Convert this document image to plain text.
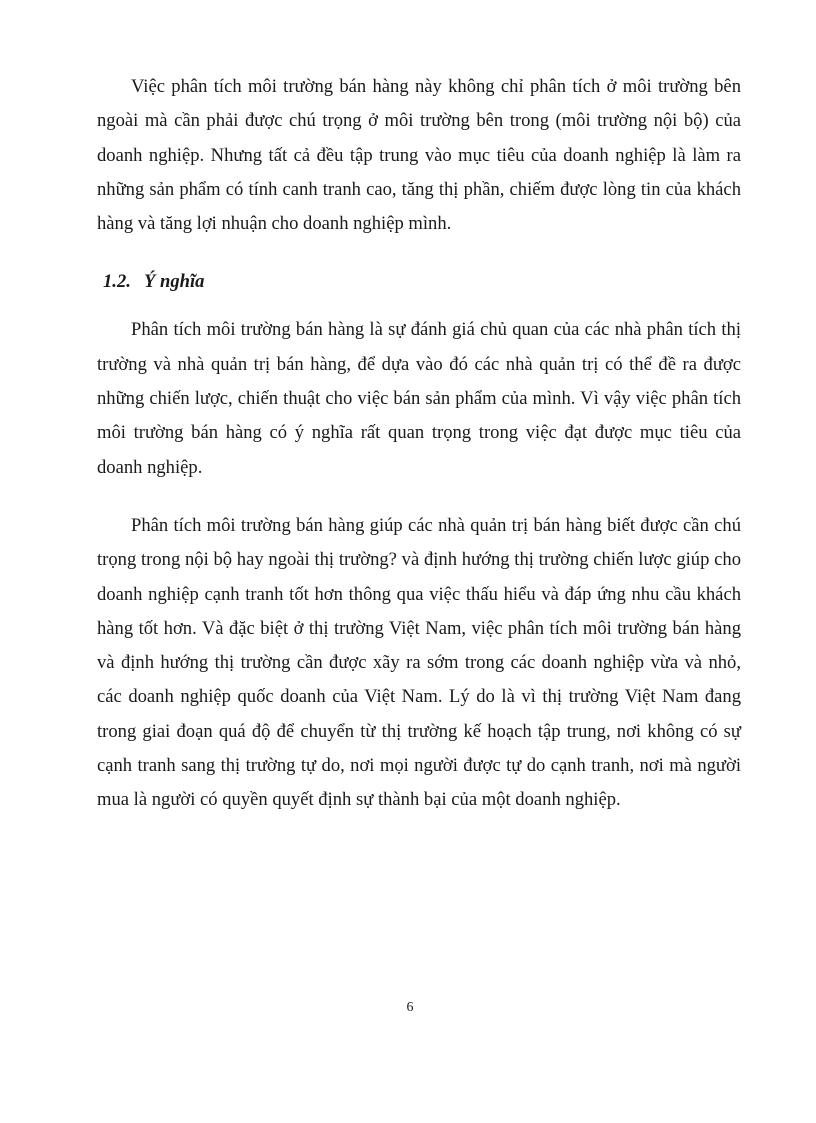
Việc phân tích môi trường bán hàng này không chỉ phân tích ở môi trường bên ngoài mà cần phải được chú trọng ở môi trường bên trong (môi trường nội bộ) của doanh nghiệp. Nhưng tất cả đều tập trung vào mục tiêu của doanh nghiệp là làm ra những sản phẩm có tính canh tranh cao, tăng thị phần, chiếm được lòng tin của khách hàng và tăng lợi nhuận cho doanh nghiệp mình.

1.2. Ý nghĩa

Phân tích môi trường bán hàng là sự đánh giá chủ quan của các nhà phân tích thị trường và nhà quản trị bán hàng, để dựa vào đó các nhà quản trị có thể đề ra được những chiến lược, chiến thuật cho việc bán sản phẩm của mình. Vì vậy việc phân tích môi trường bán hàng có ý nghĩa rất quan trọng trong việc đạt được mục tiêu của doanh nghiệp.

Phân tích môi trường bán hàng giúp các nhà quản trị bán hàng biết được cần chú trọng trong nội bộ hay ngoài thị trường? và định hướng thị trường chiến lược giúp cho doanh nghiệp cạnh tranh tốt hơn thông qua việc thấu hiểu và đáp ứng nhu cầu khách hàng tốt hơn. Và đặc biệt ở thị trường Việt Nam, việc phân tích môi trường bán hàng và định hướng thị trường cần được xãy ra sớm trong các doanh nghiệp vừa và nhỏ, các doanh nghiệp quốc doanh của Việt Nam. Lý do là vì thị trường Việt Nam đang trong giai đoạn quá độ để chuyển từ thị trường kế hoạch tập trung, nơi không có sự cạnh tranh sang thị trường tự do, nơi mọi người được tự do cạnh tranh, nơi mà người mua là người có quyền quyết định sự thành bại của một doanh nghiệp.

6
